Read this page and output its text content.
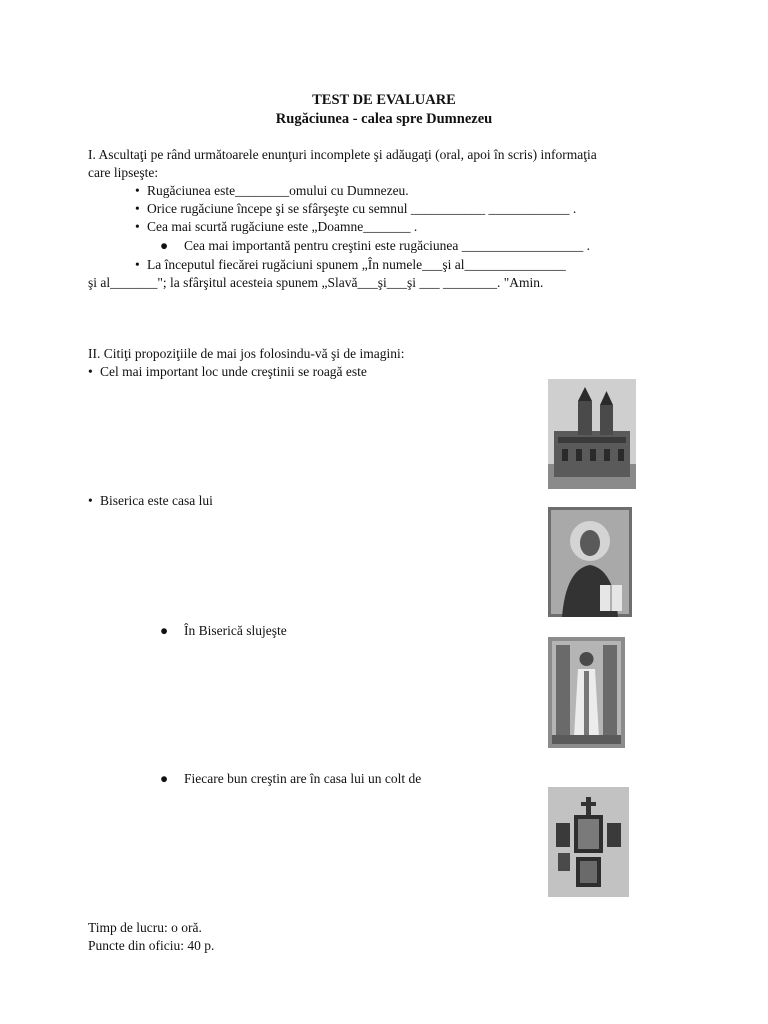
TEST DE EVALUARE
Rugăciunea - calea spre Dumnezeu
I. Ascultaţi pe rând următoarele enunţuri incomplete şi adăugaţi (oral, apoi în scris) informaţia
care lipseşte:
• Rugăciunea este________omului cu Dumnezeu.
• Orice rugăciune începe şi se sfârşeşte cu semnul ___________ ____________ .
• Cea mai scurtă rugăciune este „Doamne_______ .
● Cea mai importantă pentru creştini este rugăciunea __________________ .
• La începutul fiecărei rugăciuni spunem „În numele___şi al_______________
şi al_______"; la sfârşitul acesteia spunem „Slavă___şi___şi ___ ________. "Amin.
II. Citiţi propoziţiile de mai jos folosindu-vă şi de imagini:
• Cel mai important loc unde creştinii se roagă este
• Biserica este casa lui
● În Biserică slujeşte
● Fiecare bun creştin are în casa lui un colt de
Timp de lucru: o oră.
Puncte din oficiu: 40 p.
